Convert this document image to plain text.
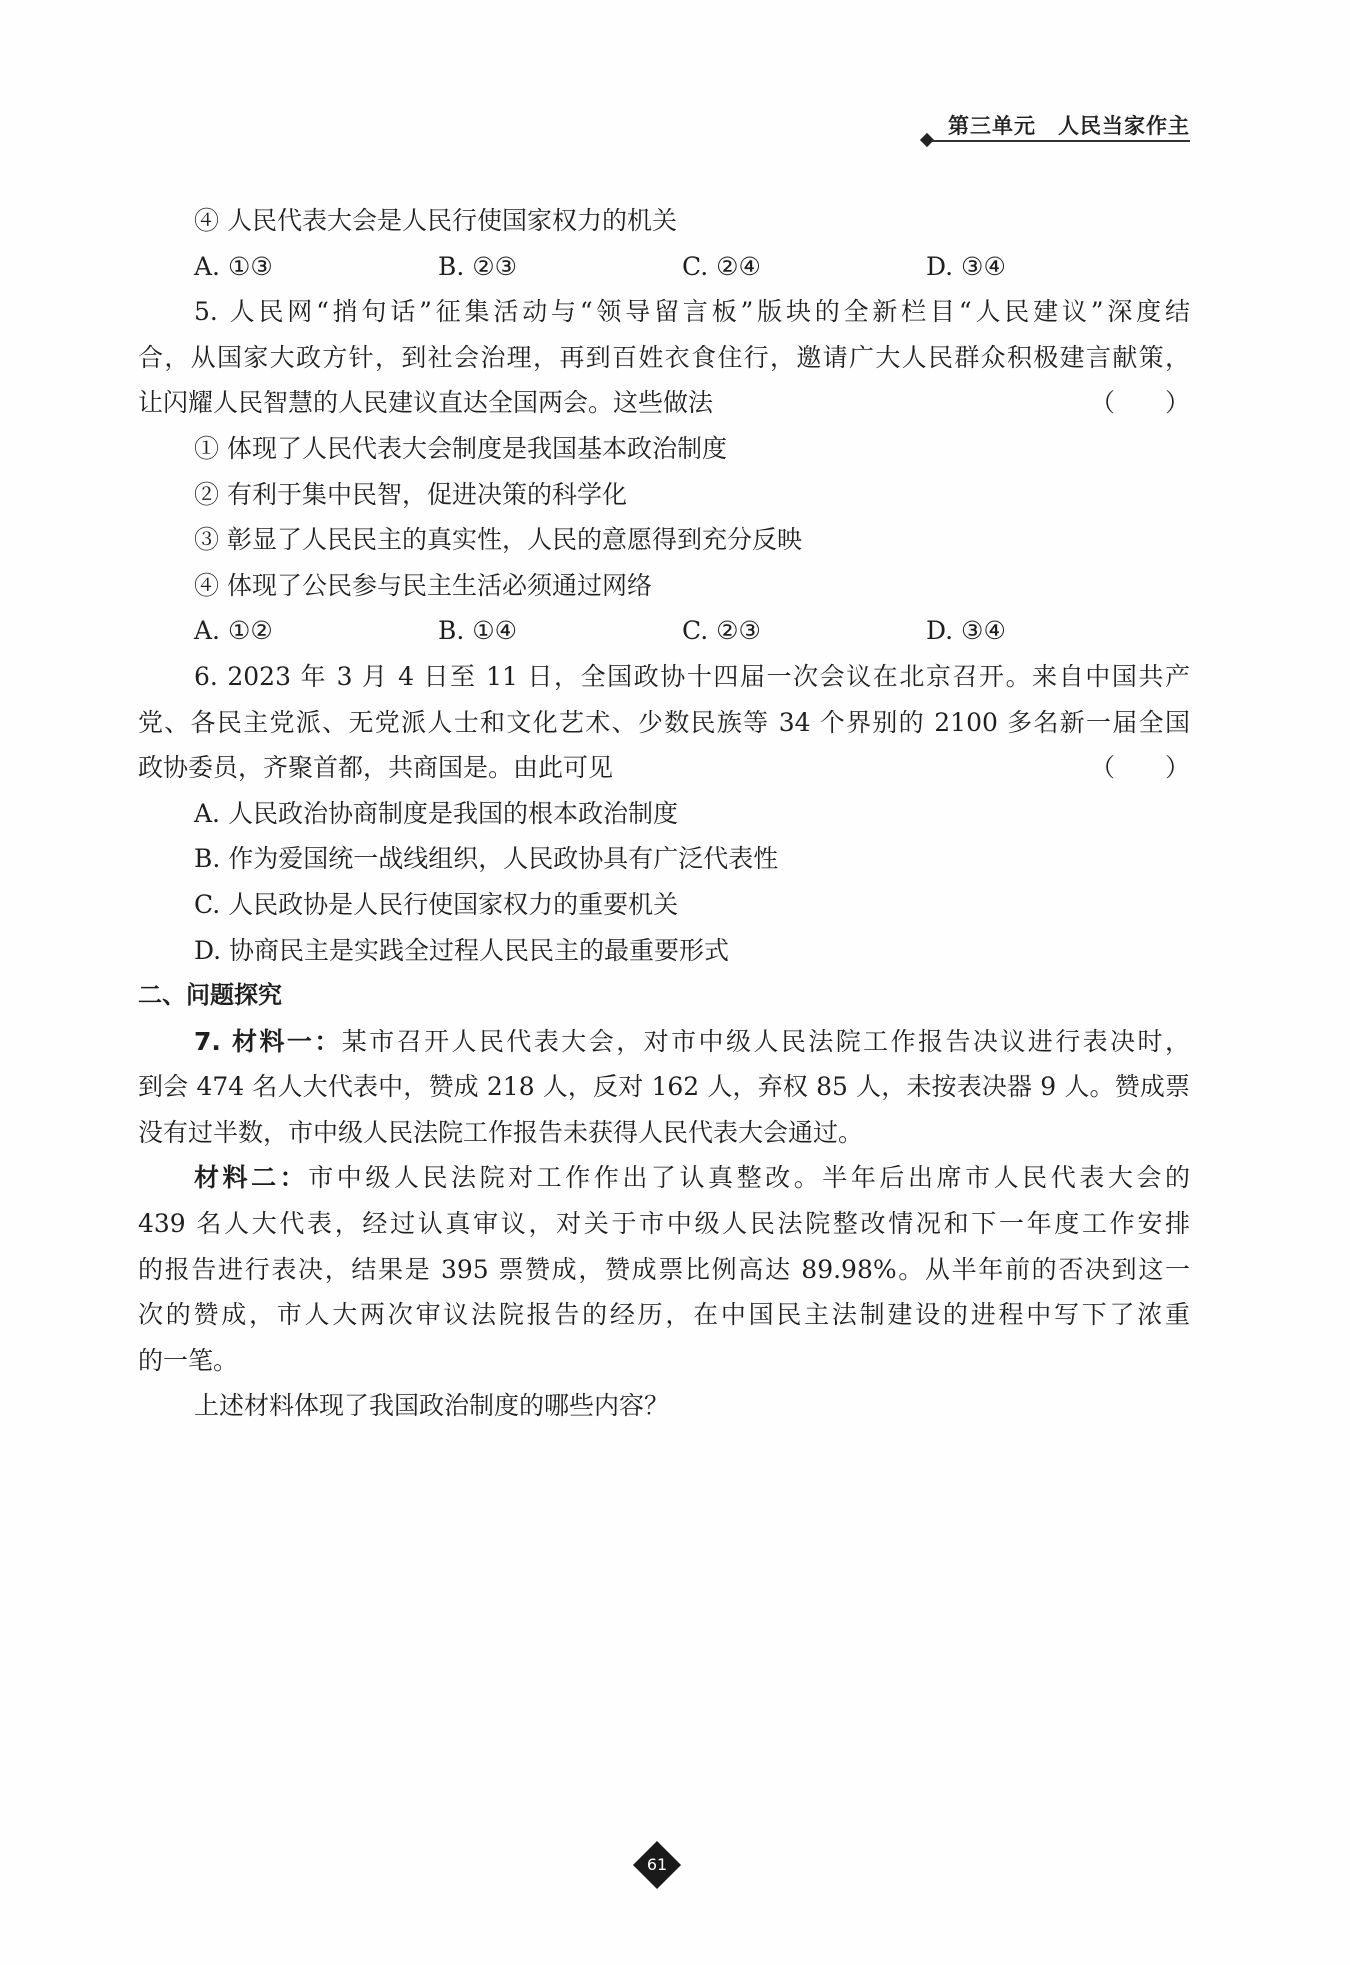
第三单元　人民当家作主
④ 人民代表大会是人民行使国家权力的机关
A. ①③	B. ②③	C. ②④	D. ③④
5. 人民网“捎句话”征集活动与“领导留言板”版块的全新栏目“人民建议”深度结
合，从国家大政方针，到社会治理，再到百姓衣食住行，邀请广大人民群众积极建言献策，
让闪耀人民智慧的人民建议直达全国两会。这些做法	（　　）
① 体现了人民代表大会制度是我国基本政治制度
② 有利于集中民智，促进决策的科学化
③ 彰显了人民民主的真实性，人民的意愿得到充分反映
④ 体现了公民参与民主生活必须通过网络
A. ①②	B. ①④	C. ②③	D. ③④
6. 2023 年 3 月 4 日至 11 日，全国政协十四届一次会议在北京召开。来自中国共产
党、各民主党派、无党派人士和文化艺术、少数民族等 34 个界别的 2100 多名新一届全国
政协委员，齐聚首都，共商国是。由此可见	（　　）
A. 人民政治协商制度是我国的根本政治制度
B. 作为爱国统一战线组织，人民政协具有广泛代表性
C. 人民政协是人民行使国家权力的重要机关
D. 协商民主是实践全过程人民民主的最重要形式
二、问题探究
7. 材料一：某市召开人民代表大会，对市中级人民法院工作报告决议进行表决时，
到会 474 名人大代表中，赞成 218 人，反对 162 人，弃权 85 人，未按表决器 9 人。赞成票
没有过半数，市中级人民法院工作报告未获得人民代表大会通过。
材料二：市中级人民法院对工作作出了认真整改。半年后出席市人民代表大会的
439 名人大代表，经过认真审议，对关于市中级人民法院整改情况和下一年度工作安排
的报告进行表决，结果是 395 票赞成，赞成票比例高达 89.98%。从半年前的否决到这一
次的赞成，市人大两次审议法院报告的经历，在中国民主法制建设的进程中写下了浓重
的一笔。
上述材料体现了我国政治制度的哪些内容？
61
